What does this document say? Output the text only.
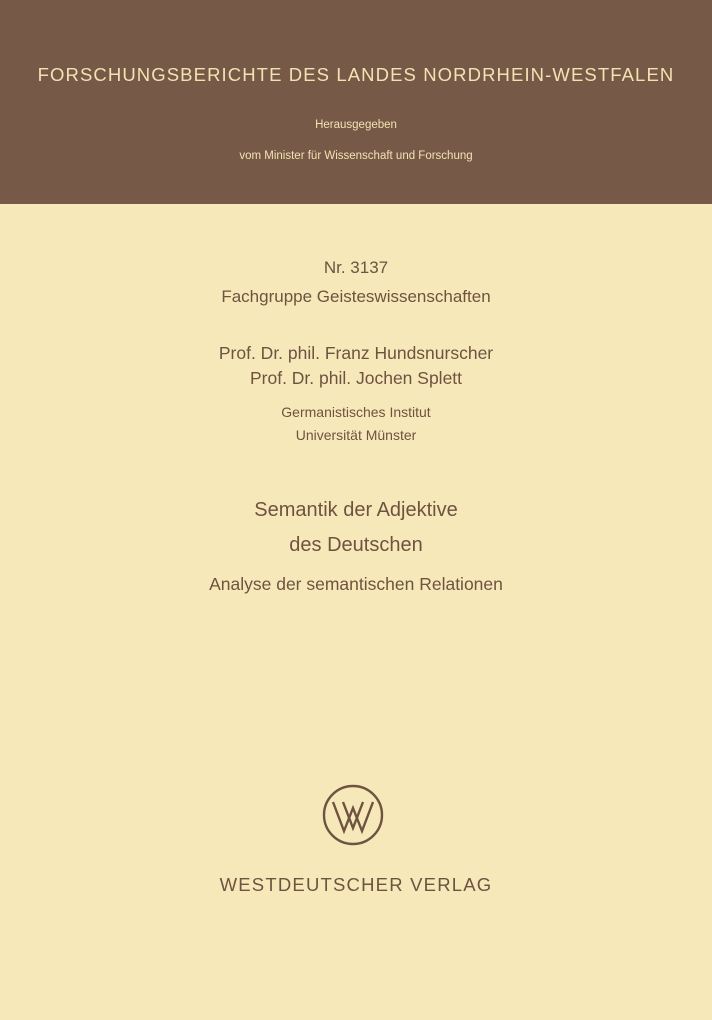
FORSCHUNGSBERICHTE DES LANDES NORDRHEIN-WESTFALEN
Herausgegeben
vom Minister für Wissenschaft und Forschung
Nr. 3137
Fachgruppe Geisteswissenschaften
Prof. Dr. phil. Franz Hundsnurscher
Prof. Dr. phil. Jochen Splett
Germanistisches Institut
Universität Münster
Semantik der Adjektive
des Deutschen
Analyse der semantischen Relationen
WESTDEUTSCHER VERLAG
